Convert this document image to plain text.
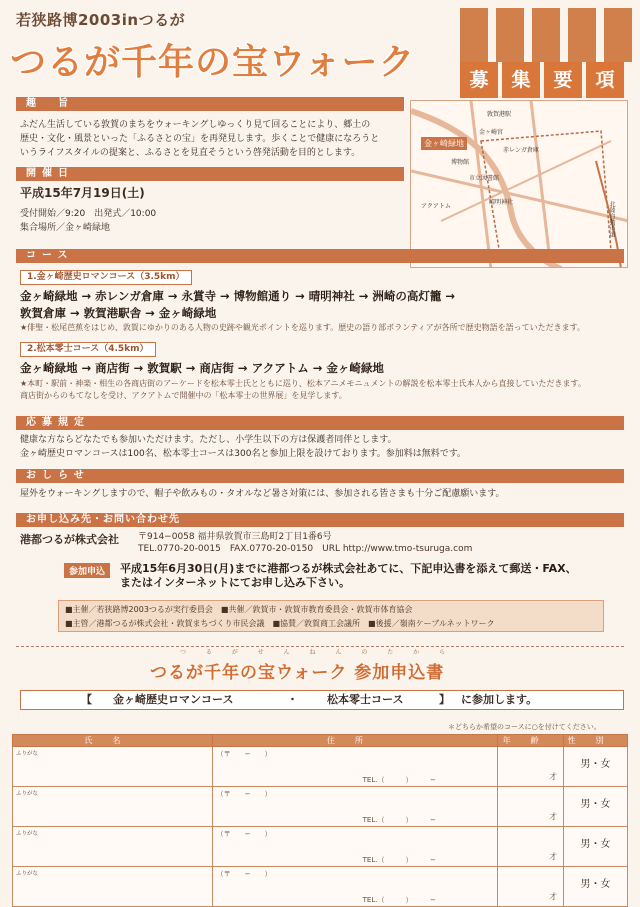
若狭路博2003inつるが
つるが千年の宝ウォーク	募	集	要	項
趣　旨
ふだん生活している敦賀のまちをウォーキングしゆっくり見て回ることにより、郷土の
歴史・文化・風景といった「ふるさとの宝」を再発見します。歩くことで健康になろうと
いうライフスタイルの提案と、ふるさとを見直そうという啓発活動を目的とします。
開催日
平成15年7月19日(土)
受付開始／9:20　出発式／10:00
集合場所／金ヶ崎緑地
金ヶ崎緑地
敦賀港駅
金ヶ崎宮
赤レンガ倉庫
博物館
市立図書館
アクアトム
晴明神社	北陸自動車道
コース
1.金ヶ崎歴史ロマンコース（3.5km）
金ヶ崎緑地 → 赤レンガ倉庫 → 永賞寺 → 博物館通り → 晴明神社 → 洲崎の高灯籠 →
敦賀倉庫 → 敦賀港駅舎 → 金ヶ崎緑地
★俳聖・松尾芭蕉をはじめ、敦賀にゆかりのある人物の史跡や観光ポイントを巡ります。歴史の語り部ボランティアが各所で歴史物語を語っていただきます。
2.松本零士コース（4.5km）
金ヶ崎緑地 → 商店街 → 敦賀駅 → 商店街 → アクアトム → 金ヶ崎緑地
★本町・駅前・神楽・相生の各商店街のアーケードを松本零士氏とともに巡り、松本アニメモニュメントの解説を松本零士氏本人から直接していただきます。
商店街からのもてなしを受け、アクアトムで開催中の「松本零士の世界展」を見学します。
応募規定
健康な方ならどなたでも参加いただけます。ただし、小学生以下の方は保護者同伴とします。
金ヶ崎歴史ロマンコースは100名、松本零士コースは300名と参加上限を設けております。参加料は無料です。
おしらせ
屋外をウォーキングしますので、帽子や飲みもの・タオルなど暑さ対策には、参加される皆さまも十分ご配慮願います。
お申し込み先・お問い合わせ先
港都つるが株式会社 〒914−0058 福井県敦賀市三島町2丁目1番6号
TEL.0770-20-0015　FAX.0770-20-0150　URL http://www.tmo-tsuruga.com
参加申込	平成15年6月30日(月)までに港都つるが株式会社あてに、下記申込書を添えて郵送・FAX、
またはインターネットにてお申し込み下さい。
■主催／若狭路博2003つるが実行委員会　■共催／敦賀市・敦賀市教育委員会・敦賀市体育協会
■主管／港都つるが株式会社・敦賀まちづくり市民会議　■協賛／敦賀商工会議所　■後援／嶺南ケーブルネットワーク
つ る が せ ん ね ん の た か ら
つるが千年の宝ウォーク 参加申込書
【 金ヶ崎歴史ロマンコース	・	松本零士コース	】 に参加します。
＊どちらか希望のコースに○を付けてください。
氏名	住所	年齢	性別

ふりがな	（〒　　−　　）
TEL.（　　　）　　　−	才	男・女

ふりがな	（〒　　−　　）
TEL.（　　　）　　　−	才	男・女

ふりがな	（〒　　−　　）
TEL.（　　　）　　　−	才	男・女

ふりがな	（〒　　−　　）
TEL.（　　　）　　　−	才	男・女
